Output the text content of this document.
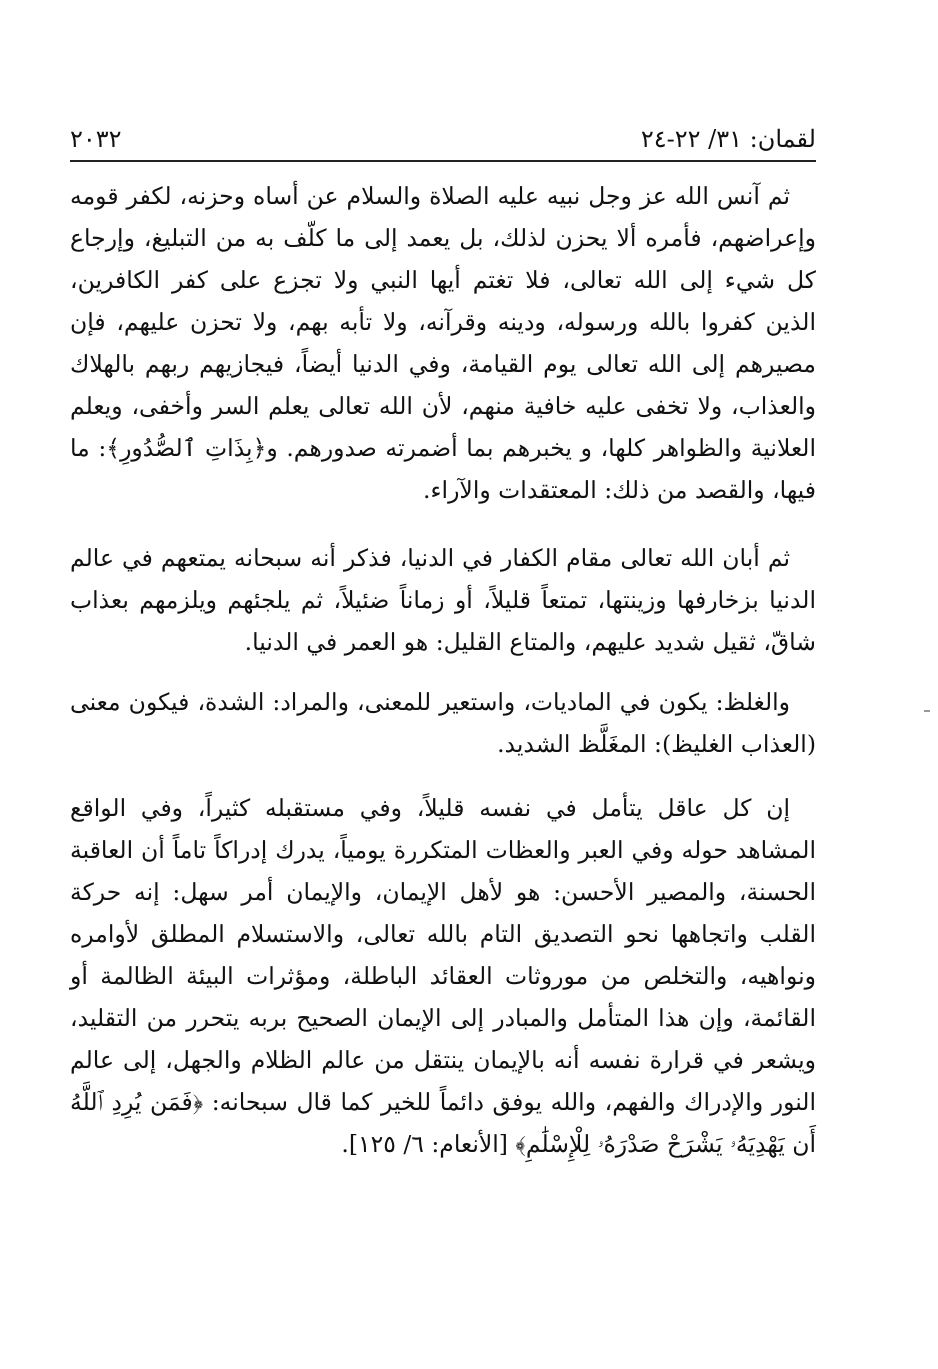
لقمان: ٣١/ ٢٢-٢٤
٢٠٣٢

ثم آنس الله عز وجل نبيه عليه الصلاة والسلام عن أساه وحزنه، لكفر قومه وإعراضهم، فأمره ألا يحزن لذلك، بل يعمد إلى ما كلّف به من التبليغ، وإرجاع كل شيء إلى الله تعالى، فلا تغتم أيها النبي ولا تجزع على كفر الكافرين، الذين كفروا بالله ورسوله، ودينه وقرآنه، ولا تأبه بهم، ولا تحزن عليهم، فإن مصيرهم إلى الله تعالى يوم القيامة، وفي الدنيا أيضاً، فيجازيهم ربهم بالهلاك والعذاب، ولا تخفى عليه خافية منهم، لأن الله تعالى يعلم السر وأخفى، ويعلم العلانية والظواهر كلها، و يخبرهم بما أضمرته صدورهم. و﴿بِذَاتِ ٱلصُّدُورِ﴾: ما فيها، والقصد من ذلك: المعتقدات والآراء.

ثم أبان الله تعالى مقام الكفار في الدنيا، فذكر أنه سبحانه يمتعهم في عالم الدنيا بزخارفها وزينتها، تمتعاً قليلاً، أو زماناً ضئيلاً، ثم يلجئهم ويلزمهم بعذاب شاقّ، ثقيل شديد عليهم، والمتاع القليل: هو العمر في الدنيا.

والغلظ: يكون في الماديات، واستعير للمعنى، والمراد: الشدة، فيكون معنى (العذاب الغليظ): المغَلَّظ الشديد.

إن كل عاقل يتأمل في نفسه قليلاً، وفي مستقبله كثيراً، وفي الواقع المشاهد حوله وفي العبر والعظات المتكررة يومياً، يدرك إدراكاً تاماً أن العاقبة الحسنة، والمصير الأحسن: هو لأهل الإيمان، والإيمان أمر سهل: إنه حركة القلب واتجاهها نحو التصديق التام بالله تعالى، والاستسلام المطلق لأوامره ونواهيه، والتخلص من موروثات العقائد الباطلة، ومؤثرات البيئة الظالمة أو القائمة، وإن هذا المتأمل والمبادر إلى الإيمان الصحيح بربه يتحرر من التقليد، ويشعر في قرارة نفسه أنه بالإيمان ينتقل من عالم الظلام والجهل، إلى عالم النور والإدراك والفهم، والله يوفق دائماً للخير كما قال سبحانه: ﴿فَمَن يُرِدِ ٱللَّهُ أَن يَهْدِيَهُۥ يَشْرَحْ صَدْرَهُۥ لِلْإِسْلَٰمِ﴾ [الأنعام: ٦/ ١٢٥].
